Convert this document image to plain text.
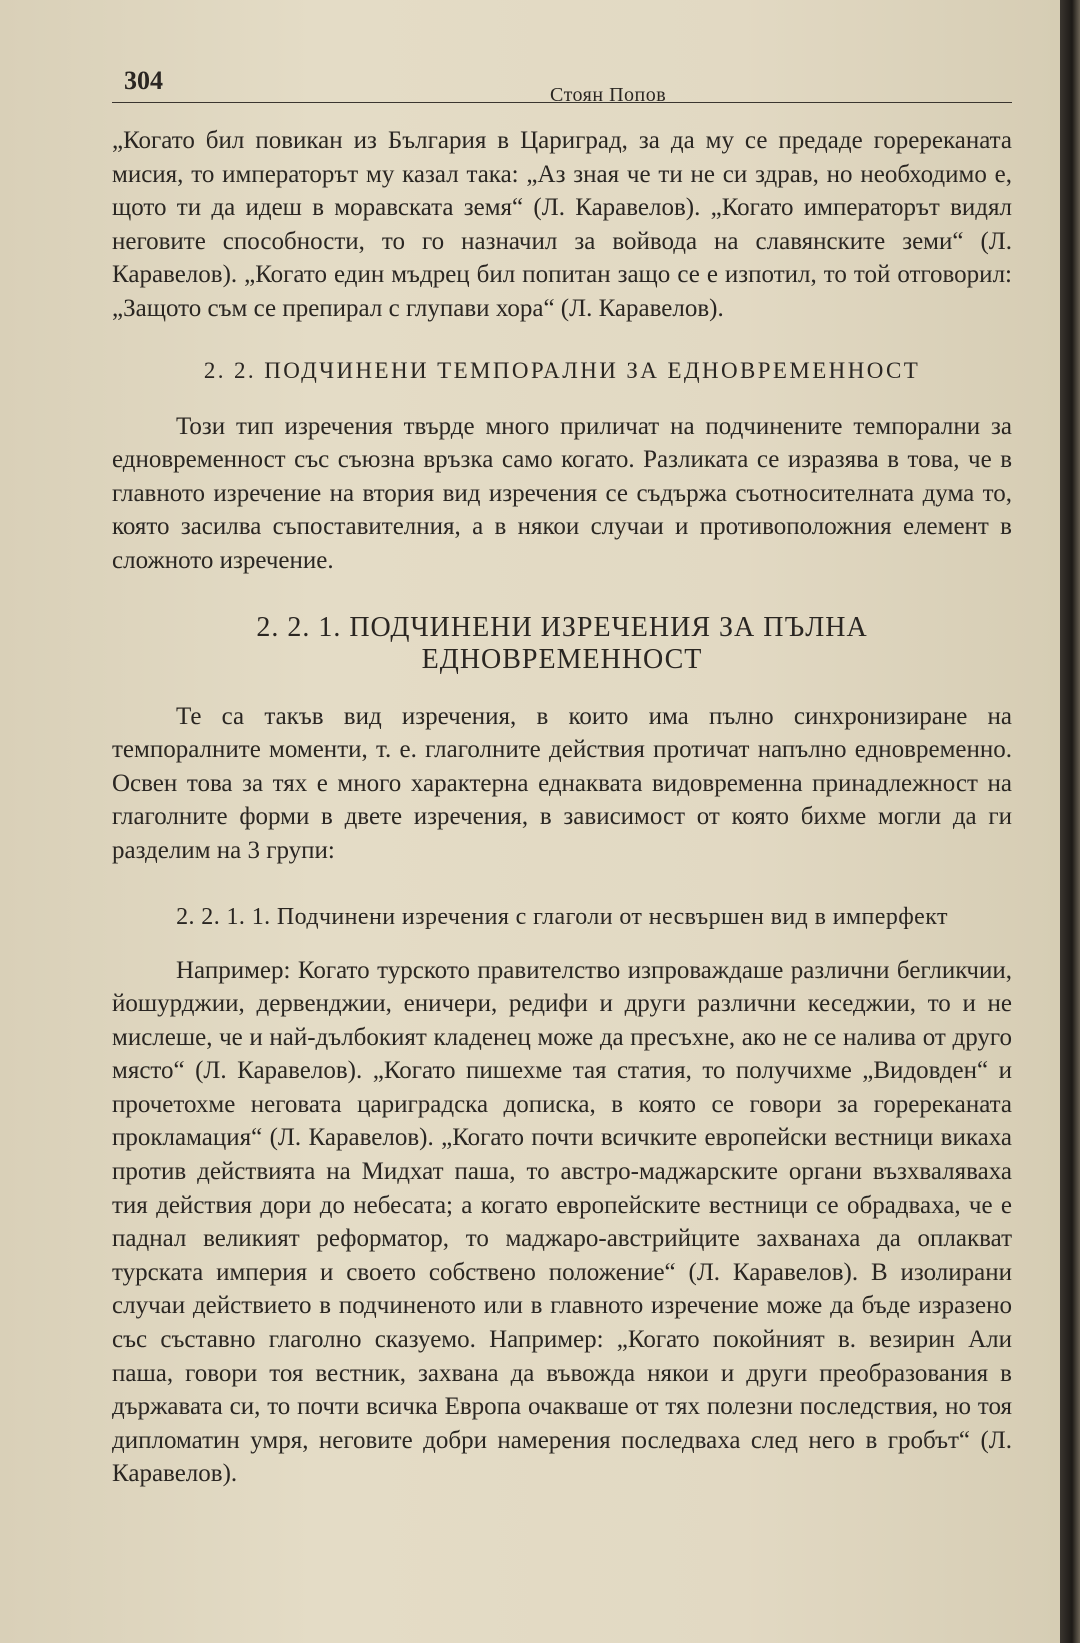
304	Стоян Попов

„Когато бил повикан из България в Цариград, за да му се предаде горереканата мисия, то императорът му казал така: „Аз зная че ти не си здрав, но необходимо е, щото ти да идеш в моравската земя“ (Л. Каравелов). „Когато императорът видял неговите способности, то го назначил за войвода на славянските земи“ (Л. Каравелов). „Когато един мъдрец бил попитан защо се е изпотил, то той отговорил: „Защото съм се препирал с глупави хора“ (Л. Каравелов).

2. 2. ПОДЧИНЕНИ ТЕМПОРАЛНИ ЗА ЕДНОВРЕМЕННОСТ

Този тип изречения твърде много приличат на подчинените темпорални за едновременност със съюзна връзка само когато. Разликата се изразява в това, че в главното изречение на втория вид изречения се съдържа съотносителната дума то, която засилва съпоставителния, а в някои случаи и противоположния елемент в сложното изречение.

2. 2. 1. ПОДЧИНЕНИ ИЗРЕЧЕНИЯ ЗА ПЪЛНА ЕДНОВРЕМЕННОСТ

Те са такъв вид изречения, в които има пълно синхронизиране на темпоралните моменти, т. е. глаголните действия протичат напълно едновременно. Освен това за тях е много характерна еднаквата видовременна принадлежност на глаголните форми в двете изречения, в зависимост от която бихме могли да ги разделим на 3 групи:

2. 2. 1. 1. Подчинени изречения с глаголи от несвършен вид в имперфект

Например: Когато турското правителство изпроваждаше различни бегликчии, йошурджии, дервенджии, еничери, редифи и други различни кеседжии, то и не мислеше, че и най-дълбокият кладенец може да пресъхне, ако не се налива от друго място“ (Л. Каравелов). „Когато пишехме тая статия, то получихме „Видовден“ и прочетохме неговата цариградска дописка, в която се говори за горереканата прокламация“ (Л. Каравелов). „Когато почти всичките европейски вестници викаха против действията на Мидхат паша, то австро-маджарските органи възхваляваха тия действия дори до небесата; а когато европейските вестници се обрадваха, че е паднал великият реформатор, то маджаро-австрийците захванаха да оплакват турската империя и своето собствено положение“ (Л. Каравелов). В изолирани случаи действието в подчиненото или в главното изречение може да бъде изразено със съставно глаголно сказуемо. Например: „Когато покойният в. везирин Али паша, говори тоя вестник, захвана да въвожда някои и други преобразования в държавата си, то почти всичка Европа очакваше от тях полезни последствия, но тоя дипломатин умря, неговите добри намерения последваха след него в гробът“ (Л. Каравелов).
